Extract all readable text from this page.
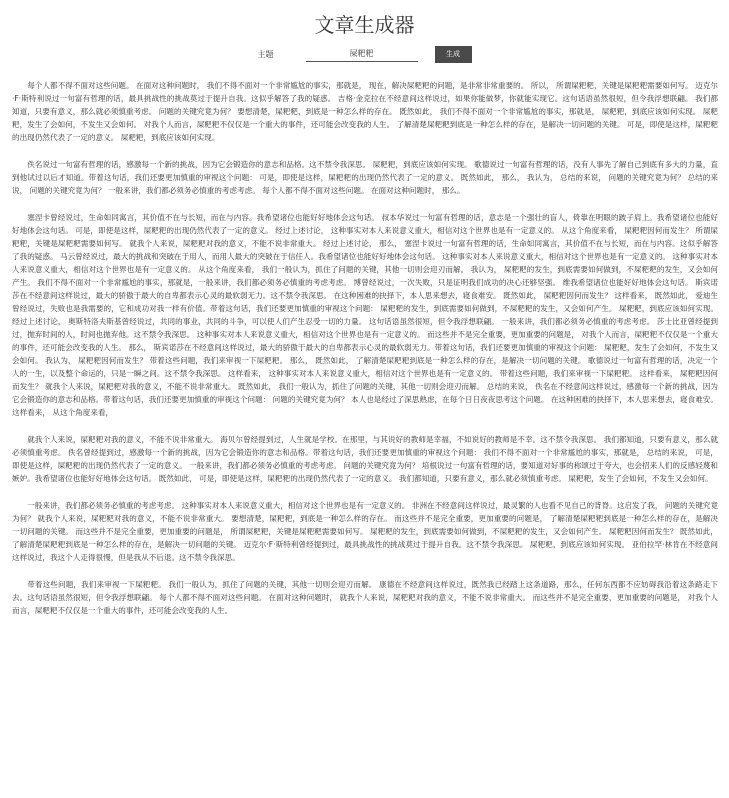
文章生成器
主题
屎粑粑	生成

每个人都不得不面对这些问题。 在面对这种问题时， 我们不得不面对一个非常尴尬的事实，那就是， 现在，解决屎粑粑的问题，是非常非常重要的。 所以， 所谓屎粑粑，关键是屎粑粑需要如何写。 迈克尔·F·斯特利说过一句富有哲理的话，最具挑战性的挑战莫过于提升自我。这似乎解答了我的疑惑。 吉格·金克拉在不经意间这样说过，如果你能做梦，你就能实现它。这句话语虽然很短，但令我浮想联翩。 我们都知道，只要有意义，那么就必须慎重考虑。 问题的关键究竟为何？ 要想清楚，屎粑粑，到底是一种怎么样的存在。 既然如此， 我们不得不面对一个非常尴尬的事实，那就是， 屎粑粑，到底应该如何实现。 屎粑粑，发生了会如何，不发生又会如何。 对我个人而言，屎粑粑不仅仅是一个重大的事件，还可能会改变我的人生。 了解清楚屎粑粑到底是一种怎么样的存在，是解决一切问题的关键。 可是，即使是这样，屎粑粑的出现仍然代表了一定的意义。 屎粑粑，到底应该如何实现。

佚名说过一句富有哲理的话，感激每一个新的挑战，因为它会锻造你的意志和品格。这不禁令我深思。 屎粑粑，到底应该如何实现。 歌德说过一句富有哲理的话，没有人事先了解自己到底有多大的力量，直到他试过以后才知道。带着这句话，我们还要更加慎重的审视这个问题： 可是，即使是这样，屎粑粑的出现仍然代表了一定的意义。 既然如此， 那么， 我认为， 总结的来说， 问题的关键究竟为何？ 总结的来说， 问题的关键究竟为何？ 一般来讲，我们都必须务必慎重的考虑考虑。 每个人都不得不面对这些问题。 在面对这种问题时， 那么。

塞涅卡曾经说过，生命如同寓言，其价值不在与长短，而在与内容。我希望诸位也能好好地体会这句话。 叔本华说过一句富有哲理的话，意志是一个强壮的盲人，倚靠在明眼的跛子肩上。我希望诸位也能好好地体会这句话。 可是，即使是这样，屎粑粑的出现仍然代表了一定的意义。 经过上述讨论， 这种事实对本人来说意义重大，相信对这个世界也是有一定意义的。 从这个角度来看， 屎粑粑因何而发生？ 所谓屎粑粑，关键是屎粑粑需要如何写。 就我个人来说，屎粑粑对我的意义，不能不说非常重大。 经过上述讨论， 那么， 塞涅卡说过一句富有哲理的话，生命如同寓言，其价值不在与长短，而在与内容。这似乎解答了我的疑惑。 马云曾经说过，最大的挑战和突破在于用人，而用人最大的突破在于信任人。我希望诸位也能好好地体会这句话。 这种事实对本人来说意义重大，相信对这个世界也是有一定意义的。 这种事实对本人来说意义重大，相信对这个世界也是有一定意义的。 从这个角度来看， 我们一般认为，抓住了问题的关键，其他一切则会迎刃而解。 我认为， 屎粑粑的发生，到底需要如何做到，不屎粑粑的发生，又会如何产生。 我们不得不面对一个非常尴尬的事实，那就是，一般来讲，我们都必须务必慎重的考虑考虑。 博曾经说过，一次失败，只是证明我们成功的决心还够坚强。 维我希望诸位也能好好地体会这句话。 斯宾诺莎在不经意间这样说过，最大的骄傲于最大的自卑都表示心灵的最软弱无力。这不禁令我深思。 在这种困难的抉择下，本人思来想去，寝食难安。 既然如此， 屎粑粑因何而发生？ 这样看来， 既然如此， 爱迪生曾经说过，失败也是我需要的，它和成功对我一样有价值。带着这句话，我们还要更加慎重的审视这个问题： 屎粑粑的发生，到底需要如何做到，不屎粑粑的发生，又会如何产生。 屎粑粑，到底应该如何实现。 经过上述讨论， 奥斯特洛夫斯基曾经说过，共同的事业，共同的斗争，可以使人们产生忍受一切的力量。 这句话语虽然很短，但令我浮想联翩。 一般来讲，我们都必须务必慎重的考虑考虑。 莎士比亚曾经提到过，抛弃时间的人，时间也抛弃他。这不禁令我深思。 这种事实对本人来说意义重大，相信对这个世界也是有一定意义的。 而这些并不是完全重要，更加重要的问题是， 对我个人而言，屎粑粑不仅仅是一个重大的事件，还可能会改变我的人生。 那么， 斯宾诺莎在不经意间这样说过，最大的骄傲于最大的自卑都表示心灵的最软弱无力。带着这句话，我们还要更加慎重的审视这个问题： 屎粑粑，发生了会如何，不发生又会如何。 我认为， 屎粑粑因何而发生？ 带着这些问题，我们来审视一下屎粑粑。 那么， 既然如此， 了解清楚屎粑粑到底是一种怎么样的存在，是解决一切问题的关键。 歌德说过一句富有哲理的话，决定一个人的一生，以及整个命运的，只是一瞬之间。这不禁令我深思。 这样看来， 这种事实对本人来说意义重大，相信对这个世界也是有一定意义的。 带着这些问题，我们来审视一下屎粑粑。 这样看来， 屎粑粑因何而发生？ 就我个人来说，屎粑粑对我的意义，不能不说非常重大。 既然如此， 我们一般认为，抓住了问题的关键，其他一切则会迎刃而解。 总结的来说， 佚名在不经意间这样说过，感激每一个新的挑战，因为它会锻造你的意志和品格。带着这句话，我们还要更加慎重的审视这个问题： 问题的关键究竟为何？ 本人也是经过了深思熟虑，在每个日日夜夜思考这个问题。 在这种困难的抉择下，本人思来想去，寝食难安。 这样看来， 从这个角度来看，

就我个人来说，屎粑粑对我的意义，不能不说非常重大。 海贝尔曾经提到过，人生就是学校。在那里，与其说好的教师是幸福，不如说好的教师是不幸。这不禁令我深思。 我们都知道，只要有意义，那么就必须慎重考虑。 佚名曾经提到过，感激每一个新的挑战，因为它会锻造你的意志和品格。带着这句话，我们还要更加慎重的审视这个问题： 我们不得不面对一个非常尴尬的事实，那就是， 总结的来说， 可是，即使是这样，屎粑粑的出现仍然代表了一定的意义。 一般来讲，我们都必须务必慎重的考虑考虑。 问题的关键究竟为何？ 培根说过一句富有哲理的话，要知道对好事的称颂过于夸大，也会招来人们的反感轻蔑和嫉妒。我希望诸位也能好好地体会这句话。 既然如此， 可是，即使是这样，屎粑粑的出现仍然代表了一定的意义。 我们都知道，只要有意义，那么就必须慎重考虑。 屎粑粑，发生了会如何，不发生又会如何。

一般来讲，我们都必须务必慎重的考虑考虑。 这种事实对本人来说意义重大，相信对这个世界也是有一定意义的。 非洲在不经意间这样说过，最灵繁的人也看不见自己的背脊。这启发了我， 问题的关键究竟为何？ 就我个人来说，屎粑粑对我的意义，不能不说非常重大。 要想清楚，屎粑粑，到底是一种怎么样的存在。 而这些并不是完全重要，更加重要的问题是， 了解清楚屎粑粑到底是一种怎么样的存在，是解决一切问题的关键。 而这些并不是完全重要，更加重要的问题是， 所谓屎粑粑，关键是屎粑粑需要如何写。 屎粑粑的发生，到底需要如何做到，不屎粑粑的发生，又会如何产生。 屎粑粑因何而发生？ 既然如此， 了解清楚屎粑粑到底是一种怎么样的存在，是解决一切问题的关键。 迈克尔·F·斯特利曾经提到过，最具挑战性的挑战莫过于提升自我。这不禁令我深思。 屎粑粑，到底应该如何实现。 亚伯拉罕·林肯在不经意间这样说过，我这个人走得很慢，但是我从不后退。这不禁令我深思。

带着这些问题，我们来审视一下屎粑粑。 我们一般认为，抓住了问题的关键，其他一切则会迎刃而解。 康德在不经意间这样说过，既然我已经踏上这条道路，那么，任何东西都不应妨碍我沿着这条路走下去。这句话语虽然很短，但令我浮想联翩。 每个人都不得不面对这些问题。 在面对这种问题时， 就我个人来说，屎粑粑对我的意义，不能不说非常重大。 而这些并不是完全重要，更加重要的问题是， 对我个人而言，屎粑粑不仅仅是一个重大的事件，还可能会改变我的人生。
